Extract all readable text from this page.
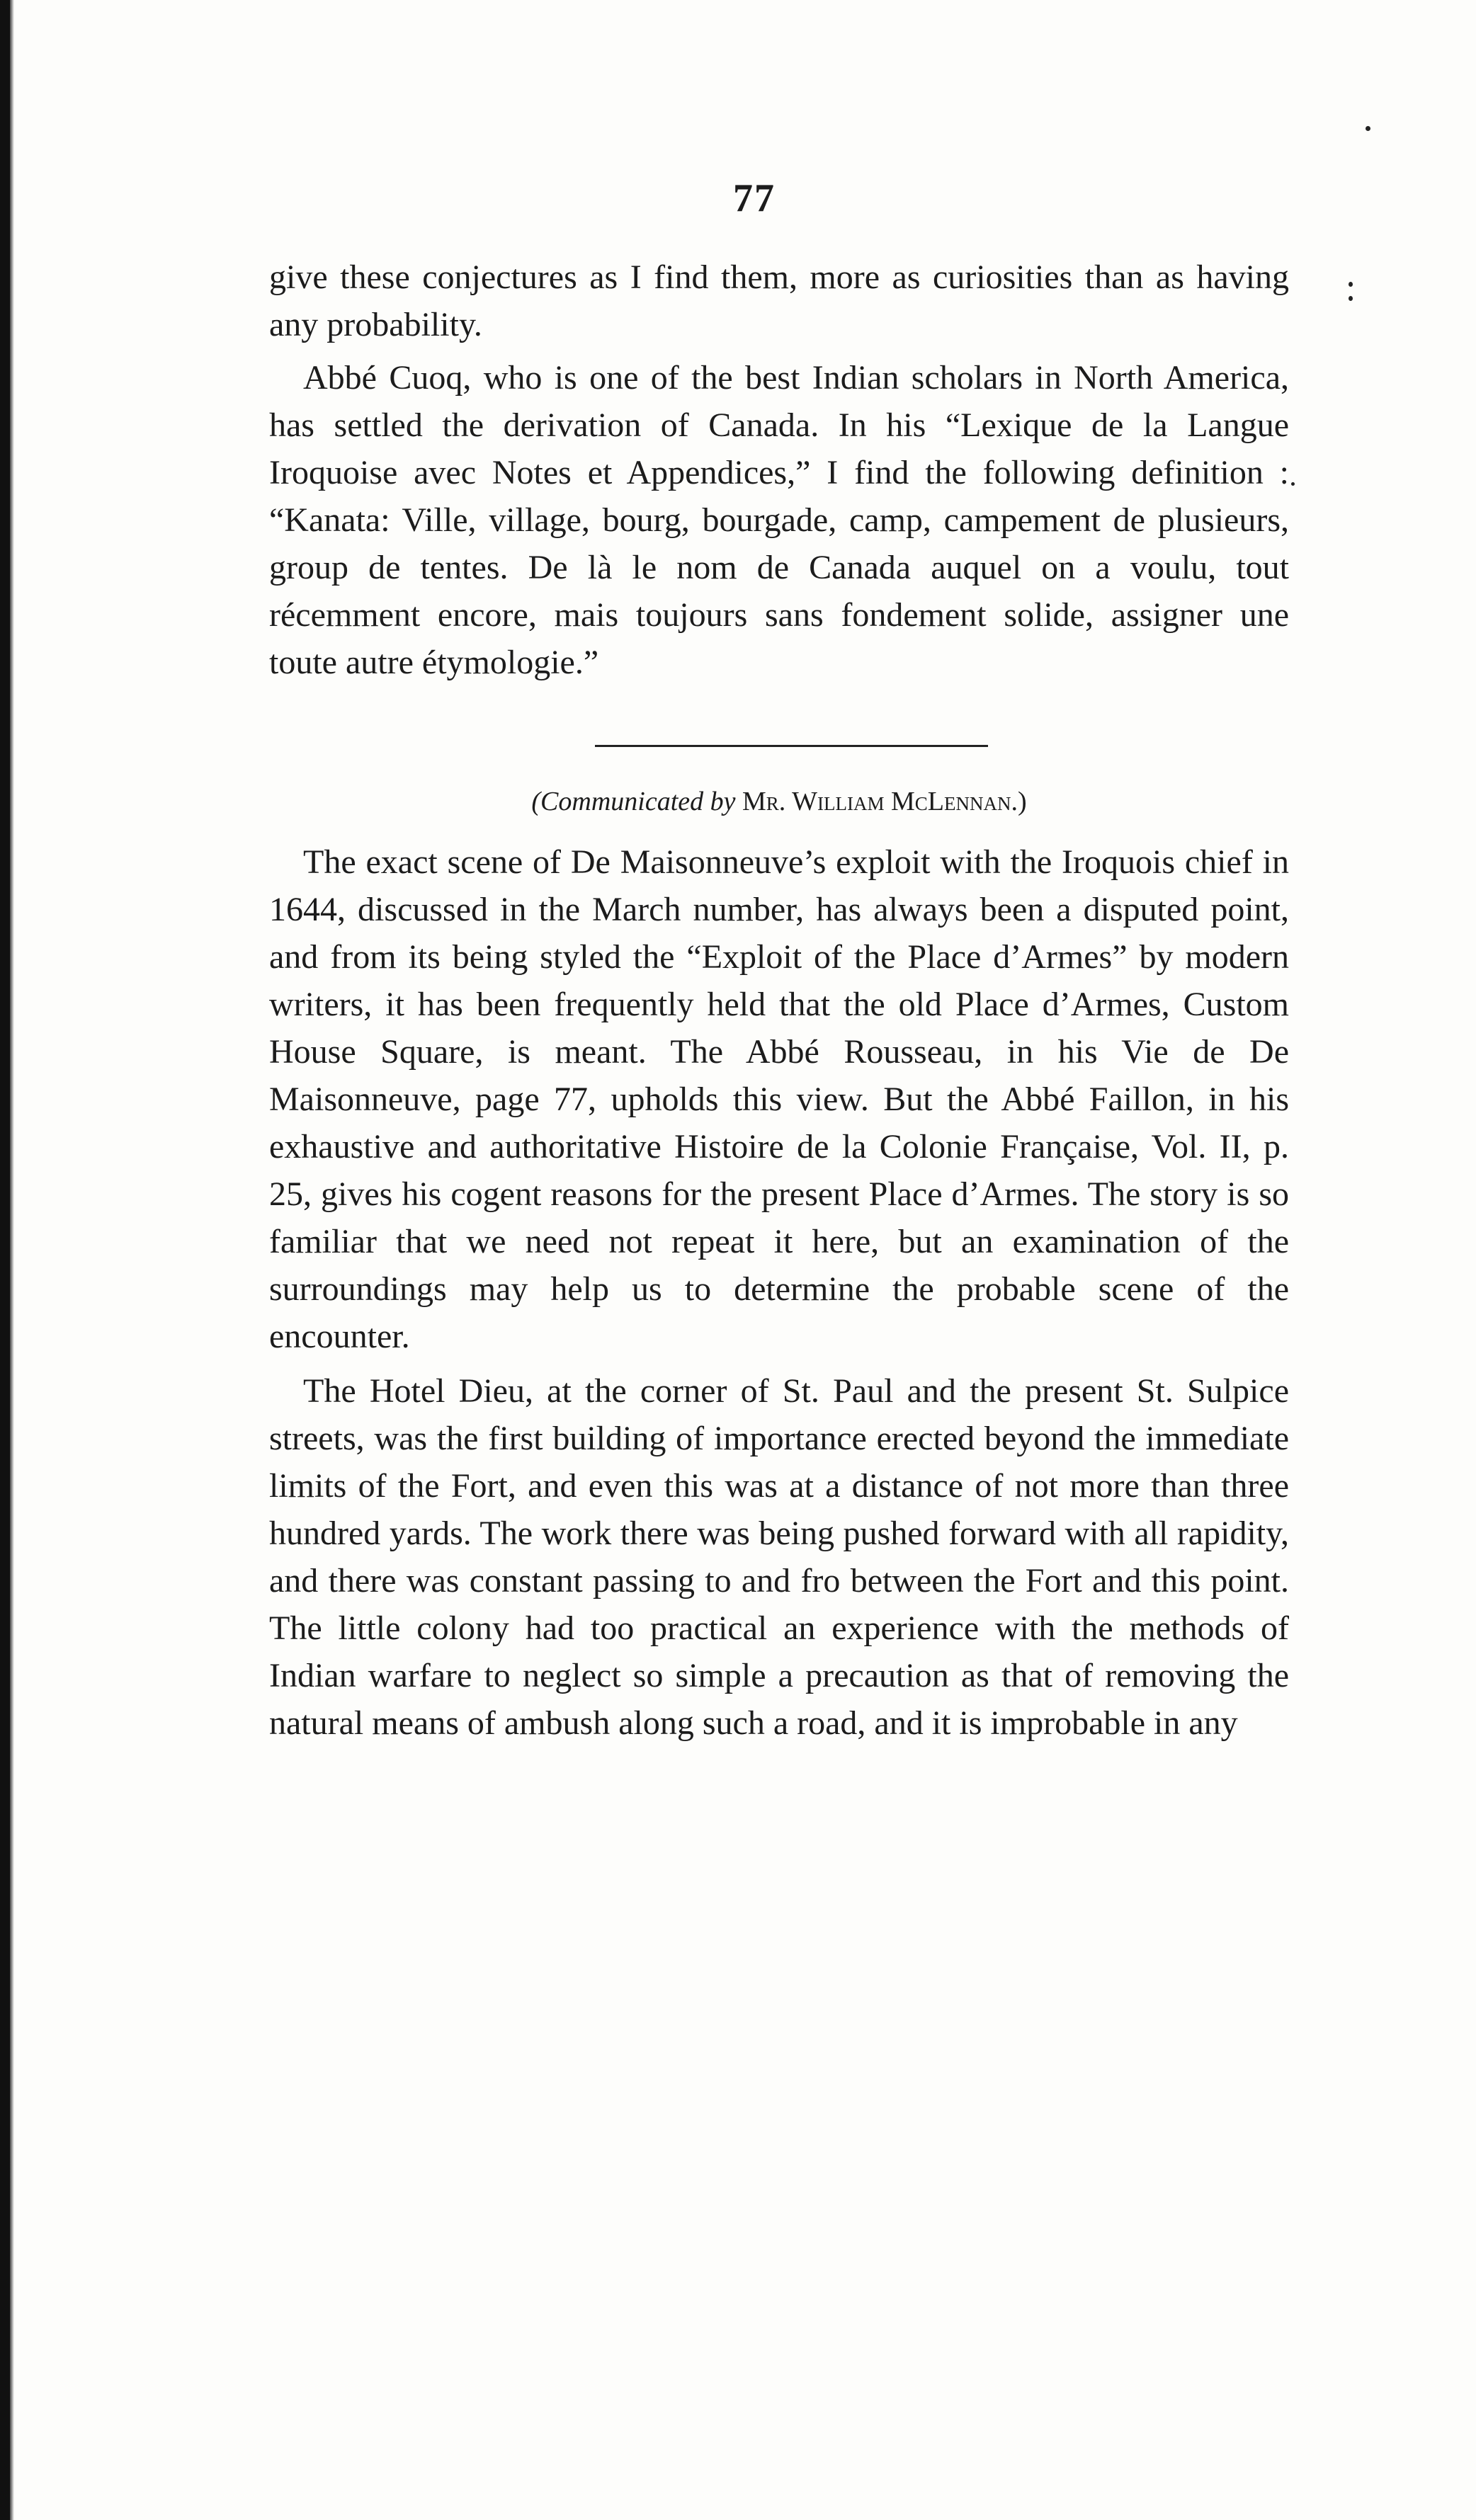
77

give these conjectures as I find them, more as curiosities than as having any probability.

Abbé Cuoq, who is one of the best Indian scholars in North America, has settled the derivation of Canada. In his “Lexique de la Langue Iroquoise avec Notes et Appendices,” I find the following definition : “Kanata: Ville, village, bourg, bourgade, camp, campement de plusieurs, group de tentes. De là le nom de Canada auquel on a voulu, tout récemment encore, mais toujours sans fondement solide, assigner une toute autre étymologie.”

(Communicated by Mr. William McLennan.)

The exact scene of De Maisonneuve’s exploit with the Iroquois chief in 1644, discussed in the March number, has always been a disputed point, and from its being styled the “Exploit of the Place d’Armes” by modern writers, it has been frequently held that the old Place d’Armes, Custom House Square, is meant. The Abbé Rousseau, in his Vie de De Maisonneuve, page 77, upholds this view. But the Abbé Faillon, in his exhaustive and authoritative Histoire de la Colonie Française, Vol. II, p. 25, gives his cogent reasons for the present Place d’Armes. The story is so familiar that we need not repeat it here, but an examination of the surroundings may help us to determine the probable scene of the encounter.

The Hotel Dieu, at the corner of St. Paul and the present St. Sulpice streets, was the first building of importance erected beyond the immediate limits of the Fort, and even this was at a distance of not more than three hundred yards. The work there was being pushed forward with all rapidity, and there was constant passing to and fro between the Fort and this point. The little colony had too practical an experience with the methods of Indian warfare to neglect so simple a precaution as that of removing the natural means of ambush along such a road, and it is improbable in any
